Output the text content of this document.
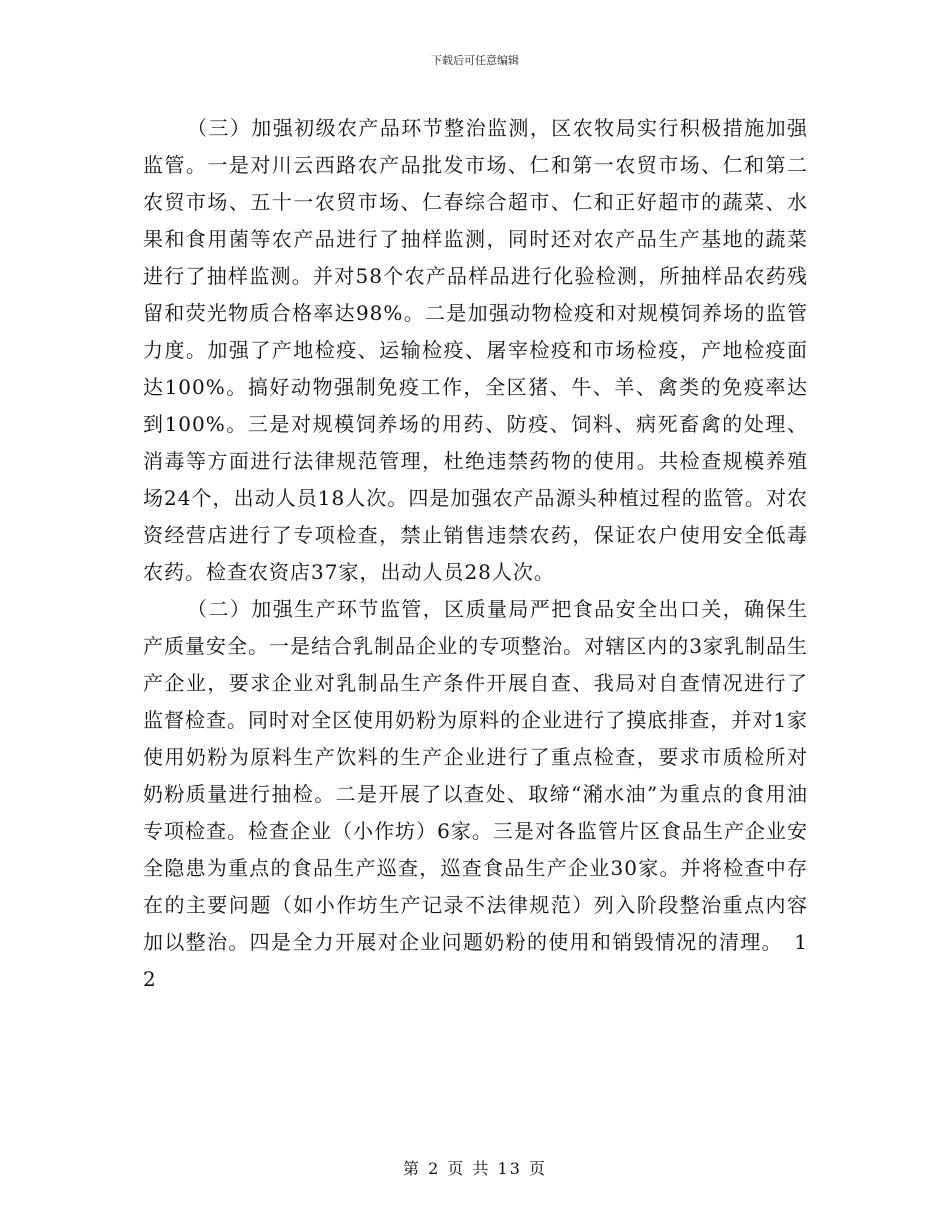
下载后可任意编辑

（三）加强初级农产品环节整治监测，区农牧局实行积极措施加强监管。一是对川云西路农产品批发市场、仁和第一农贸市场、仁和第二农贸市场、五十一农贸市场、仁春综合超市、仁和正好超市的蔬菜、水果和食用菌等农产品进行了抽样监测，同时还对农产品生产基地的蔬菜进行了抽样监测。并对58个农产品样品进行化验检测，所抽样品农药残留和荧光物质合格率达98%。二是加强动物检疫和对规模饲养场的监管力度。加强了产地检疫、运输检疫、屠宰检疫和市场检疫，产地检疫面达100%。搞好动物强制免疫工作，全区猪、牛、羊、禽类的免疫率达到100%。三是对规模饲养场的用药、防疫、饲料、病死畜禽的处理、消毒等方面进行法律规范管理，杜绝违禁药物的使用。共检查规模养殖场24个，出动人员18人次。四是加强农产品源头种植过程的监管。对农资经营店进行了专项检查，禁止销售违禁农药，保证农户使用安全低毒农药。检查农资店37家，出动人员28人次。

（二）加强生产环节监管，区质量局严把食品安全出口关，确保生产质量安全。一是结合乳制品企业的专项整治。对辖区内的3家乳制品生产企业，要求企业对乳制品生产条件开展自查、我局对自查情况进行了监督检查。同时对全区使用奶粉为原料的企业进行了摸底排查，并对1家使用奶粉为原料生产饮料的生产企业进行了重点检查，要求市质检所对奶粉质量进行抽检。二是开展了以查处、取缔“潲水油”为重点的食用油专项检查。检查企业（小作坊）6家。三是对各监管片区食品生产企业安全隐患为重点的食品生产巡查，巡查食品生产企业30家。并将检查中存在的主要问题（如小作坊生产记录不法律规范）列入阶段整治重点内容加以整治。四是全力开展对企业问题奶粉的使用和销毁情况的清理。　1　　2

第 2 页 共 13 页
